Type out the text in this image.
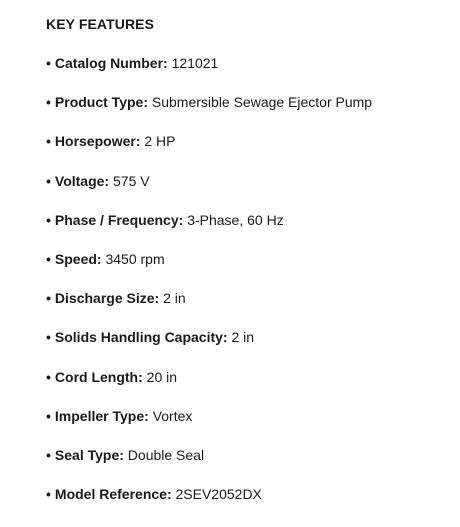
KEY FEATURES
• Catalog Number: 121021
• Product Type: Submersible Sewage Ejector Pump
• Horsepower: 2 HP
• Voltage: 575 V
• Phase / Frequency: 3-Phase, 60 Hz
• Speed: 3450 rpm
• Discharge Size: 2 in
• Solids Handling Capacity: 2 in
• Cord Length: 20 in
• Impeller Type: Vortex
• Seal Type: Double Seal
• Model Reference: 2SEV2052DX
